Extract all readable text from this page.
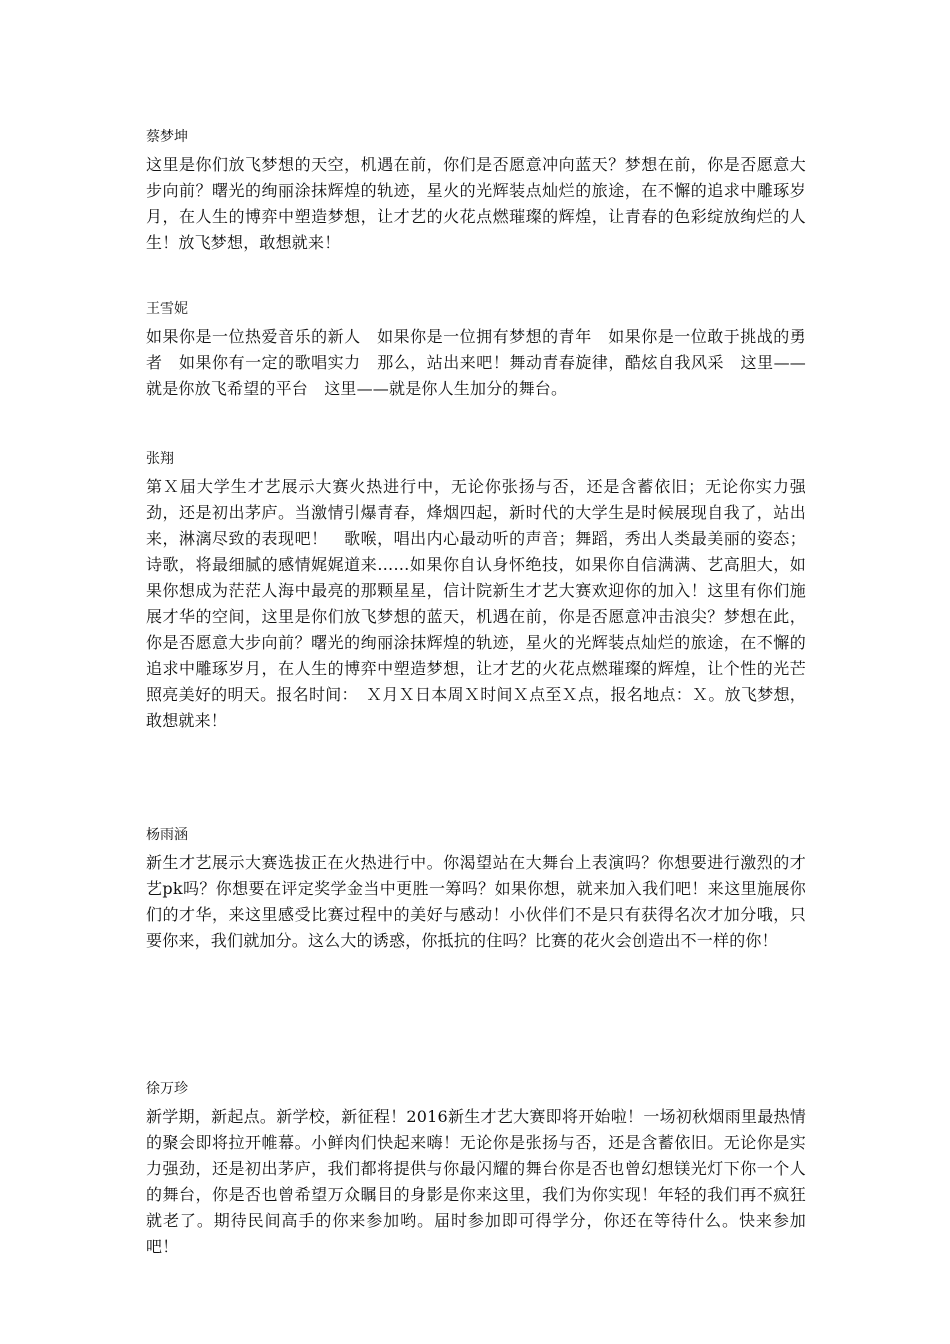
蔡梦坤

这里是你们放飞梦想的天空，机遇在前，你们是否愿意冲向蓝天？梦想在前，你是否愿意大步向前？曙光的绚丽涂抹辉煌的轨迹，星火的光辉装点灿烂的旅途，在不懈的追求中雕琢岁月，在人生的博弈中塑造梦想，让才艺的火花点燃璀璨的辉煌，让青春的色彩绽放绚烂的人生！放飞梦想，敢想就来！

王雪妮

如果你是一位热爱音乐的新人　如果你是一位拥有梦想的青年　如果你是一位敢于挑战的勇者　如果你有一定的歌唱实力　那么，站出来吧！舞动青春旋律，酷炫自我风采　这里——就是你放飞希望的平台　这里——就是你人生加分的舞台。

张翔

第Ｘ届大学生才艺展示大赛火热进行中，无论你张扬与否，还是含蓄依旧；无论你实力强劲，还是初出茅庐。当激情引爆青春，烽烟四起，新时代的大学生是时候展现自我了，站出来，淋漓尽致的表现吧！　歌喉，唱出内心最动听的声音；舞蹈，秀出人类最美丽的姿态；诗歌，将最细腻的感情娓娓道来……如果你自认身怀绝技，如果你自信满满、艺高胆大，如果你想成为茫茫人海中最亮的那颗星星，信计院新生才艺大赛欢迎你的加入！这里有你们施展才华的空间，这里是你们放飞梦想的蓝天，机遇在前，你是否愿意冲击浪尖？梦想在此，你是否愿意大步向前？曙光的绚丽涂抹辉煌的轨迹，星火的光辉装点灿烂的旅途，在不懈的追求中雕琢岁月，在人生的博弈中塑造梦想，让才艺的火花点燃璀璨的辉煌，让个性的光芒照亮美好的明天。报名时间：　Ｘ月Ｘ日本周Ｘ时间Ｘ点至Ｘ点，报名地点：Ｘ。放飞梦想，敢想就来！

杨雨涵

新生才艺展示大赛选拔正在火热进行中。你渴望站在大舞台上表演吗？你想要进行激烈的才艺pk吗？你想要在评定奖学金当中更胜一筹吗？如果你想，就来加入我们吧！来这里施展你们的才华，来这里感受比赛过程中的美好与感动！小伙伴们不是只有获得名次才加分哦，只要你来，我们就加分。这么大的诱惑，你抵抗的住吗？比赛的花火会创造出不一样的你！

徐万珍

新学期，新起点。新学校，新征程！2016新生才艺大赛即将开始啦！一场初秋烟雨里最热情的聚会即将拉开帷幕。小鲜肉们快起来嗨！无论你是张扬与否，还是含蓄依旧。无论你是实力强劲，还是初出茅庐，我们都将提供与你最闪耀的舞台你是否也曾幻想镁光灯下你一个人的舞台，你是否也曾希望万众瞩目的身影是你来这里，我们为你实现！年轻的我们再不疯狂就老了。期待民间高手的你来参加哟。届时参加即可得学分，你还在等待什么。快来参加吧！
